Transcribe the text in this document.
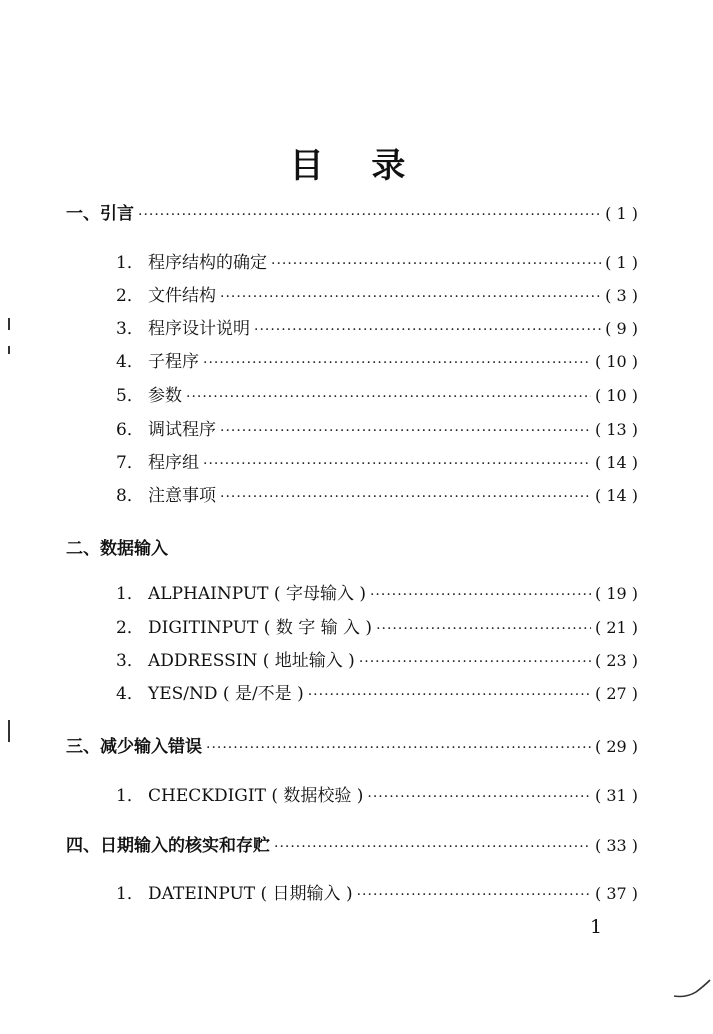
目 录
一、 引言 ·····	( 1 )
1． 程序结构的确定 ·····	( 1 )
2． 文件结构 ·····	( 3 )
3． 程序设计说明 ·····	( 9 )
4． 子程序 ·····	( 10 )
5． 参数 ·····	( 10 )
6． 调试程序 ·····	( 13 )
7． 程序组 ·····	( 14 )
8． 注意事项 ·····	( 14 )
二、 数据输入
1． ALPHAINPUT ( 字母输入 ) ·····	( 19 )
2． DIGITINPUT ( 数 字 输 入 ) ·····	( 21 )
3． ADDRESSIN ( 地址输入 ) ·····	( 23 )
4． YES/ND ( 是/不是 ) ·····	( 27 )
三、 减少输入错误 ·····	( 29 )
1． CHECKDIGIT ( 数据校验 ) ·····	( 31 )
四、 日期输入的核实和存贮 ·····	( 33 )
1． DATEINPUT ( 日期输入 ) ·····	( 37 )
1
